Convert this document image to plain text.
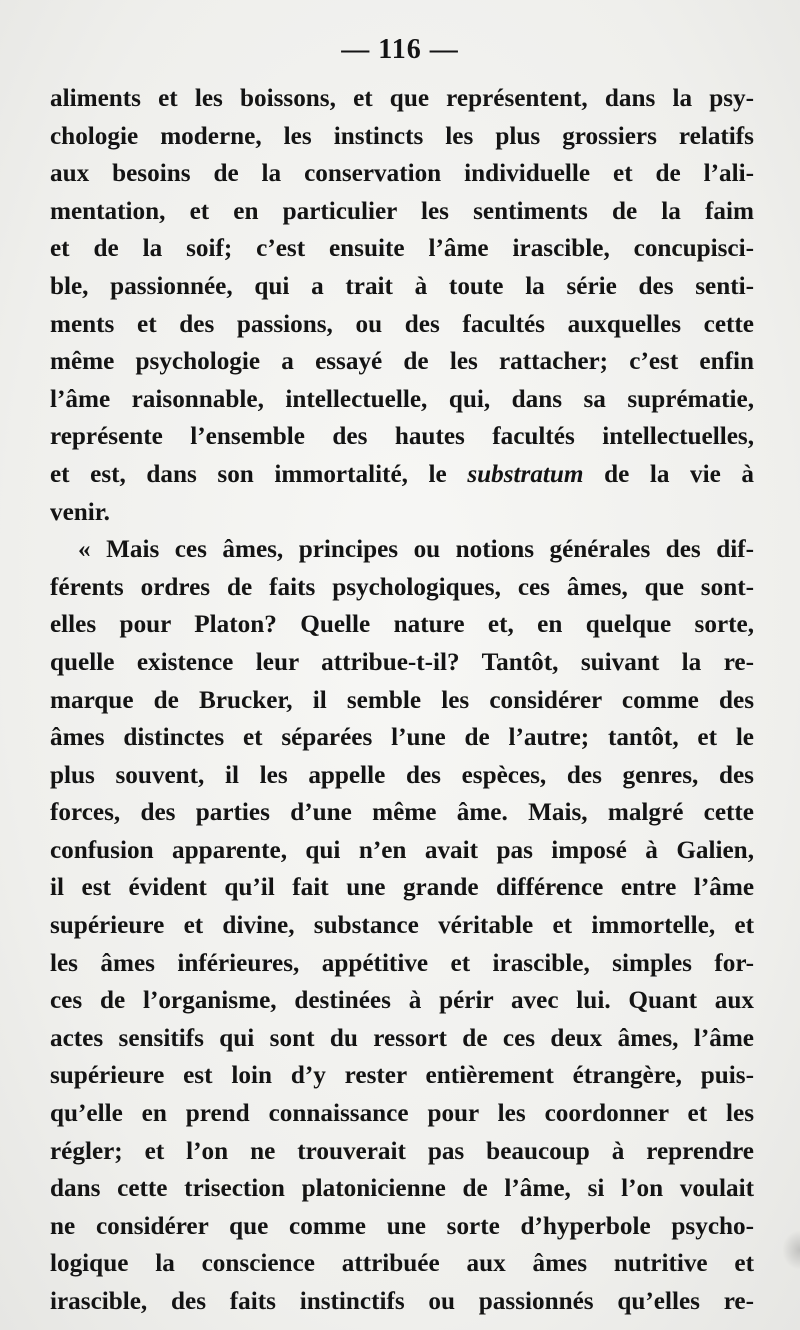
— 116 —
aliments et les boissons, et que représentent, dans la psy-
chologie moderne, les instincts les plus grossiers relatifs
aux besoins de la conservation individuelle et de l’ali-
mentation, et en particulier les sentiments de la faim
et de la soif; c’est ensuite l’âme irascible, concupisci-
ble, passionnée, qui a trait à toute la série des senti-
ments et des passions, ou des facultés auxquelles cette
même psychologie a essayé de les rattacher; c’est enfin
l’âme raisonnable, intellectuelle, qui, dans sa suprématie,
représente l’ensemble des hautes facultés intellectuelles,
et est, dans son immortalité, le substratum de la vie à
venir.
« Mais ces âmes, principes ou notions générales des dif-
férents ordres de faits psychologiques, ces âmes, que sont-
elles pour Platon? Quelle nature et, en quelque sorte,
quelle existence leur attribue-t-il? Tantôt, suivant la re-
marque de Brucker, il semble les considérer comme des
âmes distinctes et séparées l’une de l’autre; tantôt, et le
plus souvent, il les appelle des espèces, des genres, des
forces, des parties d’une même âme. Mais, malgré cette
confusion apparente, qui n’en avait pas imposé à Galien,
il est évident qu’il fait une grande différence entre l’âme
supérieure et divine, substance véritable et immortelle, et
les âmes inférieures, appétitive et irascible, simples for-
ces de l’organisme, destinées à périr avec lui. Quant aux
actes sensitifs qui sont du ressort de ces deux âmes, l’âme
supérieure est loin d’y rester entièrement étrangère, puis-
qu’elle en prend connaissance pour les coordonner et les
régler; et l’on ne trouverait pas beaucoup à reprendre
dans cette trisection platonicienne de l’âme, si l’on voulait
ne considérer que comme une sorte d’hyperbole psycho-
logique la conscience attribuée aux âmes nutritive et
irascible, des faits instinctifs ou passionnés qu’elles re-
